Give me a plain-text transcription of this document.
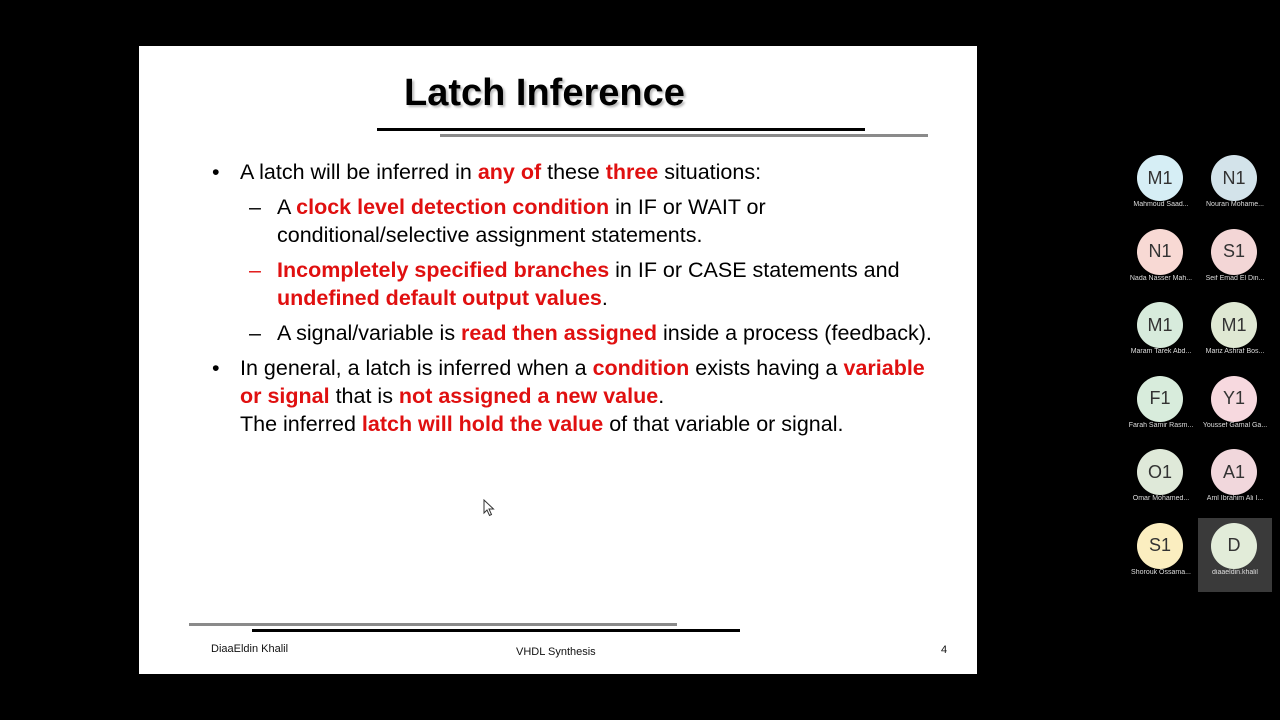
Latch Inference
• A latch will be inferred in any of these three situations:
– A clock level detection condition in IF or WAIT or conditional/selective assignment statements.
– Incompletely specified branches in IF or CASE statements and undefined default output values.
– A signal/variable is read then assigned inside a process (feedback).
• In general, a latch is inferred when a condition exists having a variable or signal that is not assigned a new value.
The inferred latch will hold the value of that variable or signal.
DiaaEldin Khalil	VHDL Synthesis	4
M1
Mahmoud Saad...
N1
Nouran Mohame...
N1
Nada Nasser Mah...
S1
Seif Emad El Din...
M1
Maram Tarek Abd...
M1
Mariz Ashraf Bos...
F1
Farah Samir Rasm...
Y1
Youssef Gamal Ga...
O1
Omar Mohamed...
A1
Aml Ibrahim Ali I...
S1
Shorouk Ossama...
D
diaaeldin.khalil
